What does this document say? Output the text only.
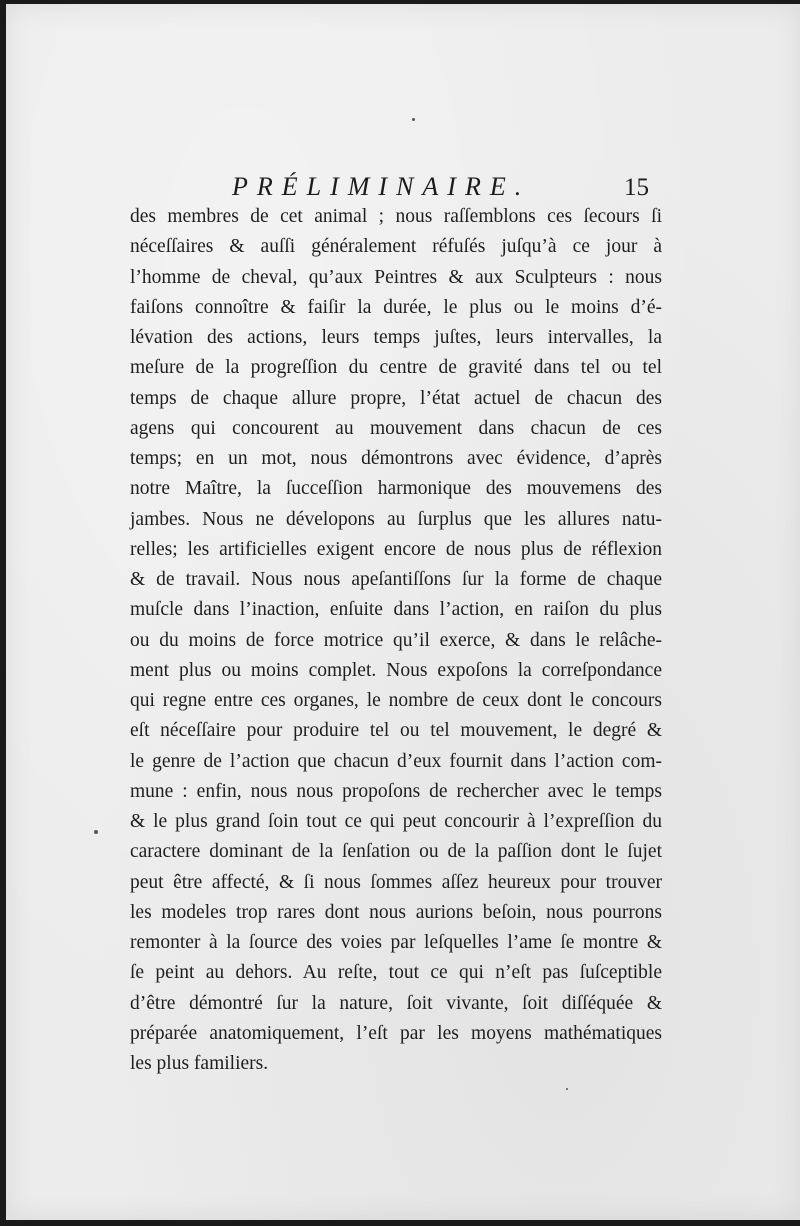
PRÉLIMINAIRE.	15
des membres de cet animal ; nous raſſemblons ces ſecours ſi
néceſſaires & auſſi généralement réfuſés juſqu’à ce jour à
l’homme de cheval, qu’aux Peintres & aux Sculpteurs : nous
faiſons connoître & faiſir la durée, le plus ou le moins d’é-
lévation des actions, leurs temps juſtes, leurs intervalles, la
meſure de la progreſſion du centre de gravité dans tel ou tel
temps de chaque allure propre, l’état actuel de chacun des
agens qui concourent au mouvement dans chacun de ces
temps; en un mot, nous démontrons avec évidence, d’après
notre Maître, la ſucceſſion harmonique des mouvemens des
jambes. Nous ne dévelopons au ſurplus que les allures natu-
relles; les artificielles exigent encore de nous plus de réflexion
& de travail. Nous nous apeſantiſſons ſur la forme de chaque
muſcle dans l’inaction, enſuite dans l’action, en raiſon du plus
ou du moins de force motrice qu’il exerce, & dans le relâche-
ment plus ou moins complet. Nous expoſons la correſpondance
qui regne entre ces organes, le nombre de ceux dont le concours
eſt néceſſaire pour produire tel ou tel mouvement, le degré &
le genre de l’action que chacun d’eux fournit dans l’action com-
mune : enfin, nous nous propoſons de rechercher avec le temps
& le plus grand ſoin tout ce qui peut concourir à l’expreſſion du
caractere dominant de la ſenſation ou de la paſſion dont le ſujet
peut être affecté, & ſi nous ſommes aſſez heureux pour trouver
les modeles trop rares dont nous aurions beſoin, nous pourrons
remonter à la ſource des voies par leſquelles l’ame ſe montre &
ſe peint au dehors. Au reſte, tout ce qui n’eſt pas ſuſceptible
d’être démontré ſur la nature, ſoit vivante, ſoit diſſéquée &
préparée anatomiquement, l’eſt par les moyens mathématiques
les plus familiers.
